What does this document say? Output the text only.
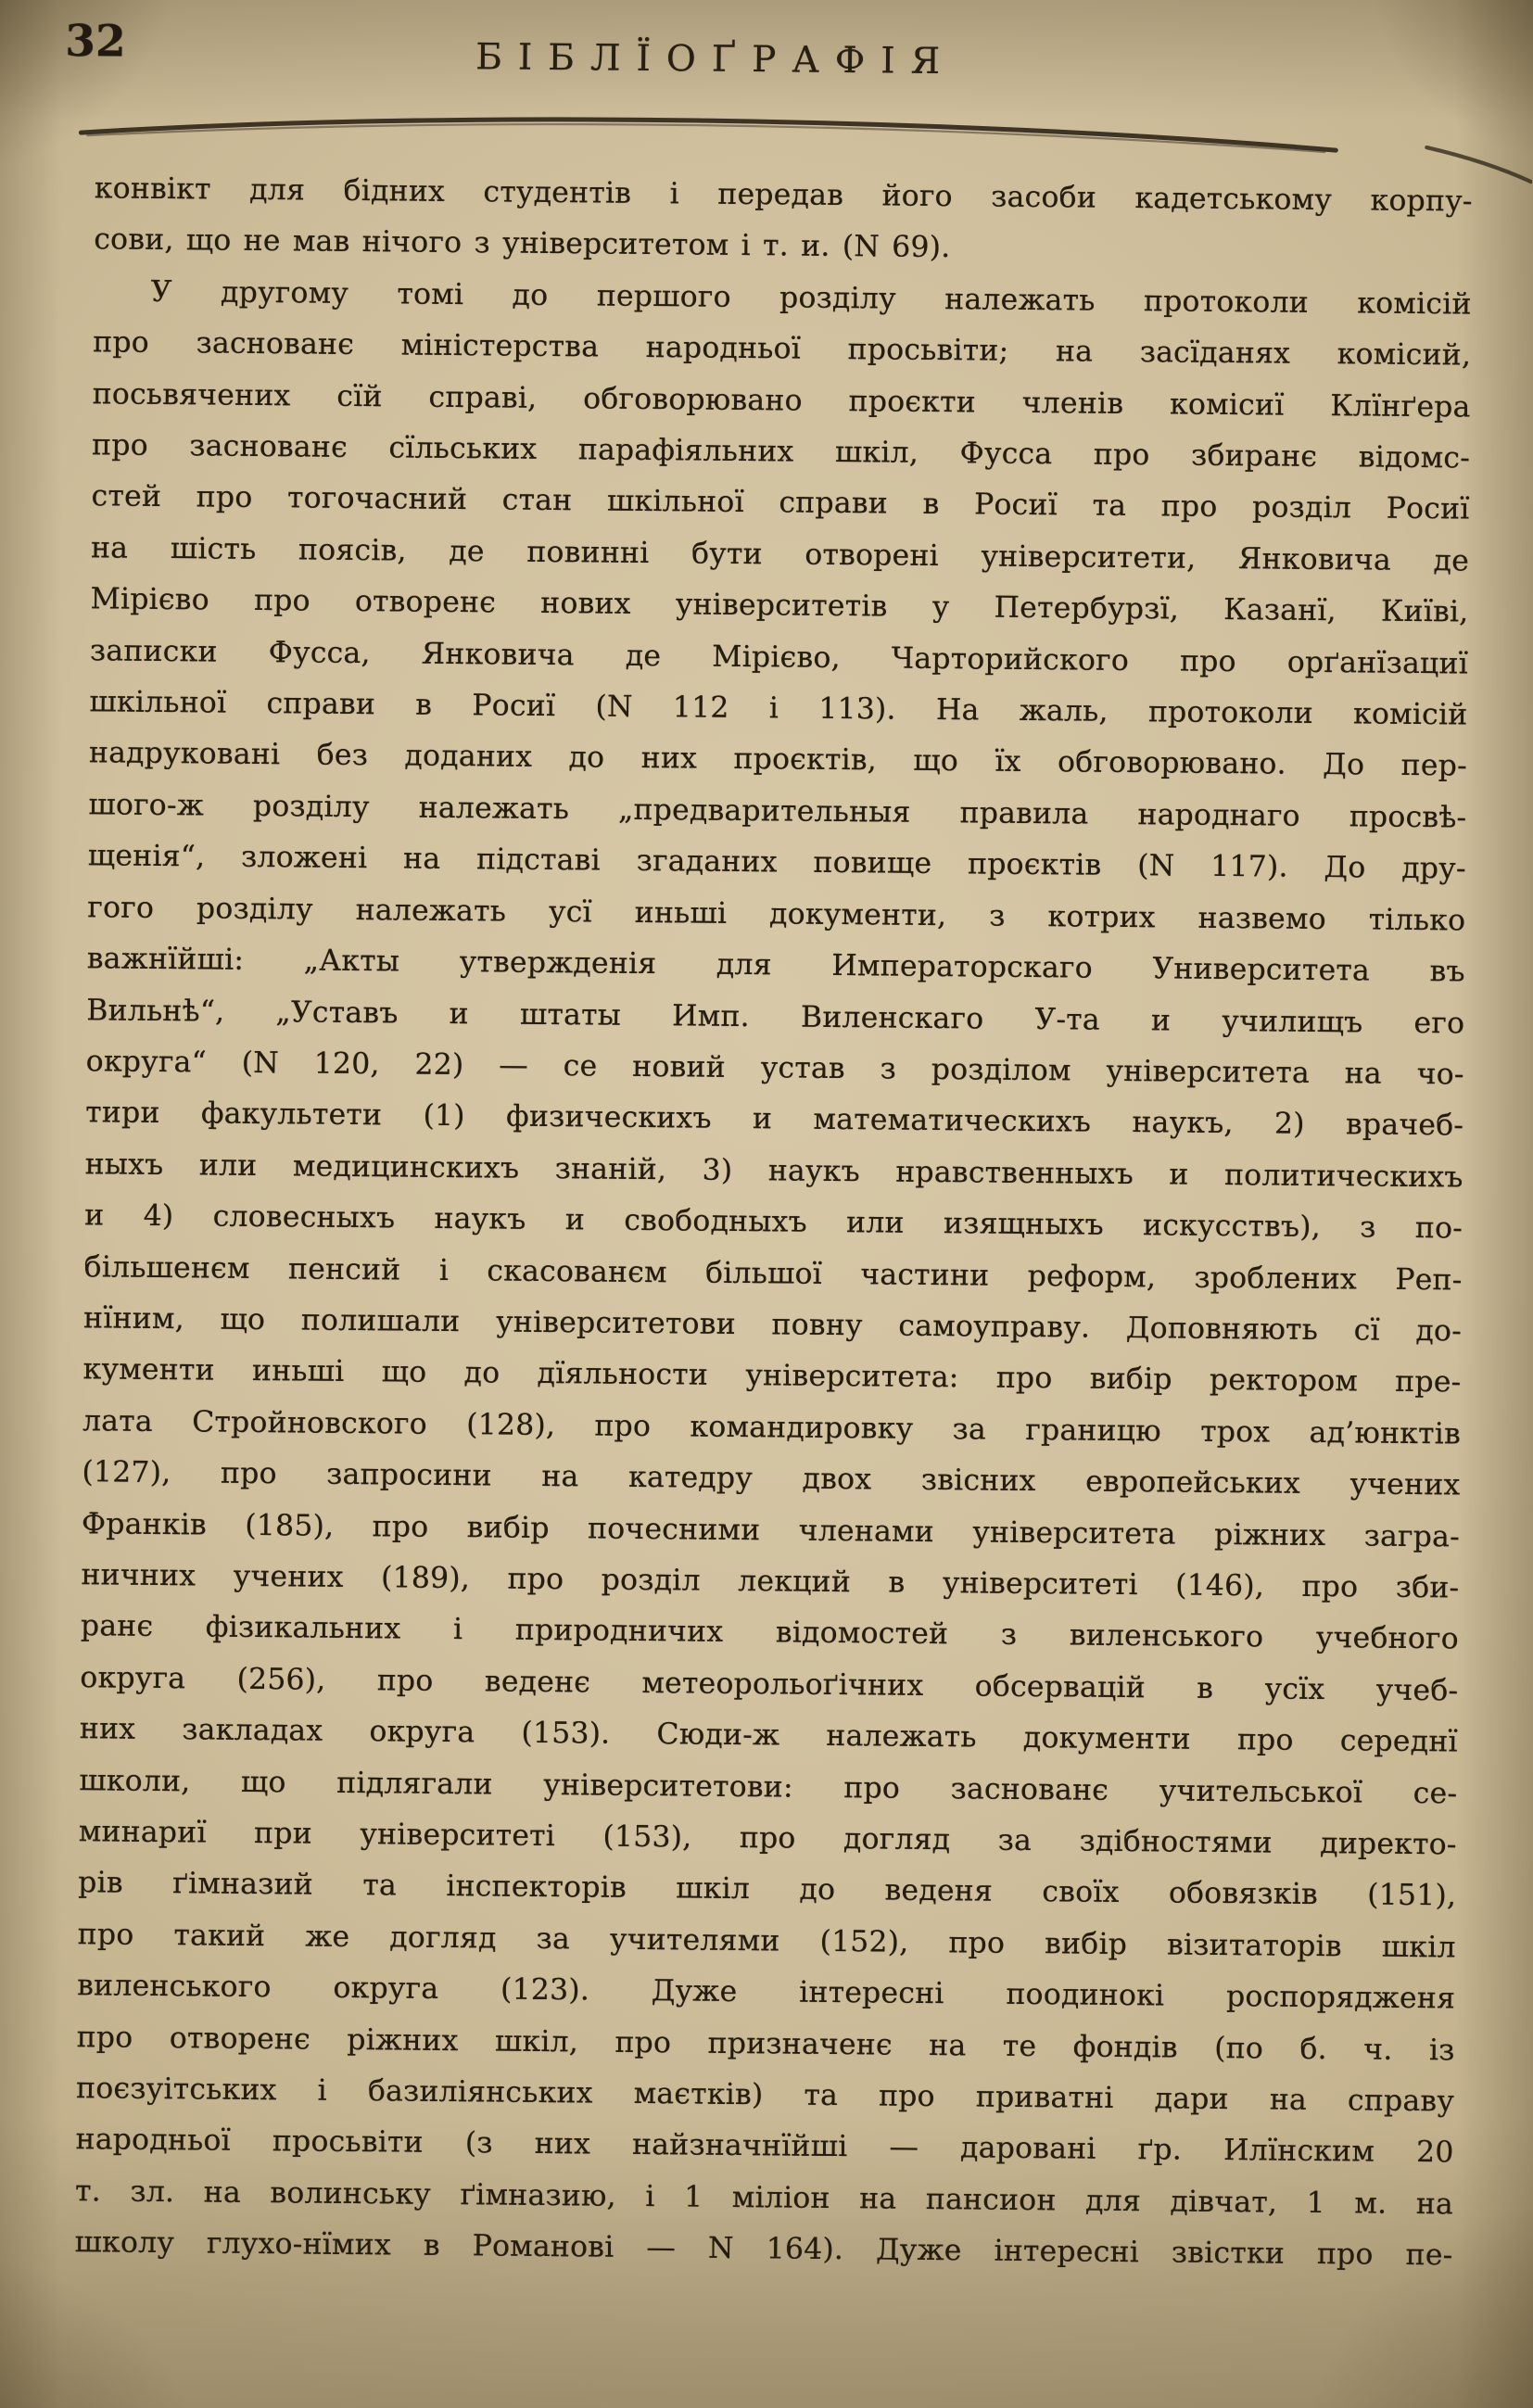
32	БІБЛЇОҐРАФІЯ
конвікт для бідних студентів і передав його засоби кадетському корпу-
сови, що не мав нічого з університетом і т. и. (N 69).
У другому томі до першого розділу належать протоколи комісій
про заснованє міністерства народньої просьвіти; на засїданях комісий,
посьвячених сїй справі, обговорювано проєкти членів комісиї Клїнґера
про заснованє сїльських парафіяльних шкіл, Фусса про збиранє відомс-
стей про тогочасний стан шкільної справи в Росиї та про розділ Росиї
на шість поясів, де повинні бути отворені університети, Янковича де
Мірієво про отворенє нових університетів у Петербурзї, Казанї, Київі,
записки Фусса, Янковича де Мірієво, Чарторийского про орґанїзациї
шкільної справи в Росиї (N 112 і 113). На жаль, протоколи комісій
надруковані без доданих до них проєктів, що їх обговорювано. До пер-
шого-ж розділу належать „предварительныя правила народнаго просвѣ-
щенія“, зложені на підставі згаданих повище проєктів (N 117). До дру-
гого розділу належать усї иньші документи, з котрих назвемо тілько
важнїйші: „Акты утвержденія для Императорскаго Университета въ
Вильнѣ“, „Уставъ и штаты Имп. Виленскаго У-та и училищъ его
округа“ (N 120, 22) — се новий устав з розділом університета на чо-
тири факультети (1) физическихъ и математическихъ наукъ, 2) врачеб-
ныхъ или медицинскихъ знаній, 3) наукъ нравственныхъ и политическихъ
и 4) словесныхъ наукъ и свободныхъ или изящныхъ искусствъ), з по-
більшенєм пенсий і скасованєм більшої частини реформ, зроблених Реп-
нїним, що полишали університетови повну самоуправу. Доповняють сї до-
кументи иньші що до дїяльности університета: про вибір ректором пре-
лата Стройновского (128), про командировку за границю трох ад’юнктів
(127), про запросини на катедру двох звісних европейських учених
Франків (185), про вибір почесними членами університета ріжних загра-
ничних учених (189), про розділ лекций в університеті (146), про зби-
ранє фізикальних і природничих відомостей з виленського учебного
округа (256), про веденє метеорольоґічних обсервацій в усїх учеб-
них закладах округа (153). Сюди-ж належать документи про середнї
школи, що підлягали університетови: про заснованє учительської се-
минариї при університеті (153), про догляд за здібностями директо-
рів ґімназий та інспекторів шкіл до веденя своїх обовязків (151),
про такий же догляд за учителями (152), про вибір візитаторів шкіл
виленського округа (123). Дуже інтересні поодинокі роспорядженя
про отворенє ріжних шкіл, про призначенє на те фондів (по б. ч. із
поєзуітських і базиліянських маєтків) та про приватні дари на справу
народньої просьвіти (з них найзначнїйші — даровані ґр. Илїнским 20
т. зл. на волинську ґімназию, і 1 міліон на пансион для дівчат, 1 м. на
школу глухо-нїмих в Романові — N 164). Дуже інтересні звістки про пе-
